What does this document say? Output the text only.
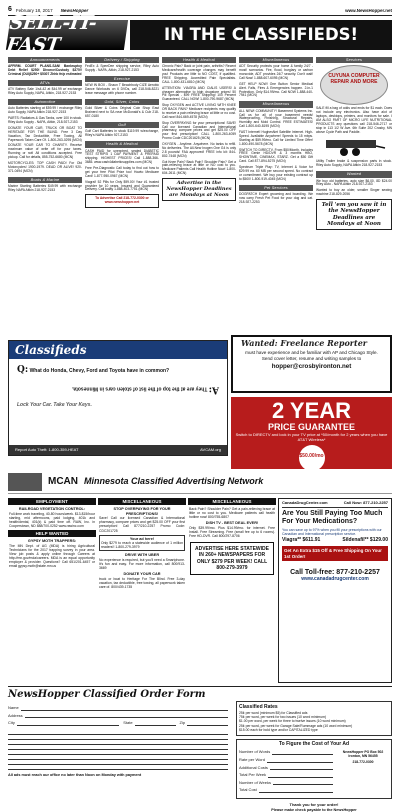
6 February 18, 2017 NewsHopper	www.NewsHopper.net
SELL-IT-FAST	IN THE CLASSIFIEDS!
Announcements
AFFIRM. COURT PLANS-SAN! Bankruptcy Debt Relief $250! Divorce/Custody $375!! Criminal (DUI)$250+ $5307 Zhhb fn/p estimated
ATVs
ATV Battery Sale 1/s4-42 at $44.99 w/ exchange Riley Auto Supply, NAPA, Aitkin, 218-927-2153
Automotive
Auto Batteries starting at $59.99 / exchange Riley Auto Supply, NAPA Aitkin 218-927-2153
PARTS: Radiators & Gas Tanks, over 100 in stock. Riley Auto Supply - NAPA, Aitkin, 218-927-2153
DONATE YOUR CAR, TRUCK OR BOAT TO HERITAGE FOR THE BLIND. Free 3 Day Vacation, Tax Deductible, Free Towing, All Paperwork Taken Care Of. 1-800-263-0295 (MCN)
DONATE YOUR CAR TO CHARITY. Receive maximum value of write off for your taxes. Running or not! All conditions accepted. Free pickup. Call for details, 855-752-6680 (MCN)
MOTORCYCLES: TOP CASH PAID! For Old Motorcycles! 1900-1979. DEAD OR ALIVE! 920-371-0494 (MCN)
Boats & Marine
Marine Starting Batteries $49.99 with exchange Riley NAPA Aitkin 218-927-2153
Delivery / Shipping
FedEx & SpeeDee shipping service, Riley Auto Supply - NAPA, Aitkin, 218-927-2153
Exercise
NEW IN BOX - Shaun T Beachbody CIZE Aerobic Dance Workouts on 6 DVDs, call 218-546-8221 leave message with phone number.
Gold, Silver, Coins
Gold Silver & Coins Original Coin Shop East Brainerd next to SA near McDonald's & Cub 218-657-0180
Golf
Golf Cart Batteries in stock $119.99 w/exchange, Riley's NAPA Aitkin 927-2153
Health & Medical
CASH PAID for unexpired, sealed DIABETIC TEST STRIPS! 1 DAY PAYMENT & PREPAID shipping. HIGHEST PRICES! Call 1-888-366-3685. www.cash4diabeticsupplies.com (MCN)
Free Pre-Diagnostic Call today to find out how to get your free Pilot Prize too! Howto Medicare Card! 1-877-950-0967 (MCN)
Viagra!! 52 Pills for Only $99.00! Your #1 trusted provider for 10 years. Insured and Guaranteed Delivery. Call today 1-888-403-7751 (MCN)
To Advertise Call 218-772-0300 or www.newshopper.net
Health & Medical
Chronic Pain? Back or joint pain, arthritis? Recent Medicare/health coverage changes may benefit you! Products are little to NO COST, if qualified. FREE Shipping. Accredited Pain Specialists. CALL 1-800-431-6810 (MCN)
ATTENTION: VIAGRA AND CIALIS USERS! A cheaper alternative to high drugstore prices! 50 Pill Special - $99 FREE Shipping! 100 Percent Guaranteed. CALL NOW! 1-800-790-9687 (MCN)
Stop OXYGEN and ACTIVE LIVING WITH KNEE OR BACK PAIN? Medicare recipients may qualify to receive a pain relieving brace at little or no cost. Call now! 844-669-4578 (MCN)
Stop OVERPAYING for your prescriptions! SAVE! Call our licensed Canadian and International pharmacy, compare prices and get $25.00 OFF your first prescription! CALL 1-800-263-4059 Promo Code CDC201625 (MCN)
OXYGEN - Anytime. Anywhere. No tanks to refill. No deliveries. The All-New Inogen One G4 is only 2.8 pounds! FAA approved! FREE info kit: 844-802-7448 (MCN)
Got Knee Pain? Back Pain? Shoulder Pain? Get a pain-relieving brace at little or NO cost to you. Medicare Patients Call Health Hotline Now! 1-800-604-2611 (MCN)
Advertise in the NewsHopper Deadlines are Mondays at Noon
Miscellaneous
ADT Security protects your home & family 24/7 - most! scenarios. Fire, flood, burglary or carbon monoxide, ADT provides 24/7 security. Don't wait! Call Now! 1-888-607-6095 (MCN)
GET HELP NOW! One Button Senior Medical Alert. Falls, Fires & Emergencies happen. 2-in-1 Protection. Only $14.99/mo. Call NOW 1-888-440-7941 (MCN)
Miscellaneous
ALL NEW! COMMUNITY! Basement Systems Inc. Call us for all of your basement needs! Waterproofing, Finishing, Structural Repairs, Humidity and Mold Control. FREE ESTIMATES! Call 1-800-640-8195 (MCN)
FAST Internet! HughesNet Satellite Internet. High-Speed. Available Anywhere! Speeds to 15 mbps. Starting at $59.99/mo. Call for Limited Time Offer! 1-800-490-5678 (MCN)
SWITCH TO DIRECTV. From $50/Month, includes FREE Genie HD/DVR & 3 months HBO, SHOWTIME, CINEMAX, STARZ. Get a $50 Gift Card. Call 877-894-5275 (MCN)
Spectrum Triple Play: TV, Internet & Voice for $29.99 ea. 60 MB per second speed. No contract or commitment. We buy your existing contract up to $500! 1-800-919-4045 (MCN)
Pet Services
DOGPATCH Expert grooming and boarding. We now carry Fresh Pet Food for your dog and cat. 218-927-2253
Services
CUYUNA COMPUTER REPAIR AND MORE
SALE fill a bag of odds and ends for $1 each. Does not include any electronics. Also have alot of laptops, desktops, printers, and monitors for sale. I AM ALSO PART OF MICRO LIFE NUTRITIONAL PRODUCTS any questions call 218-546-2717 or stop in 113 1/2 W Ave. 6th Suite 202 Crosby, MN above Cycle Path and Paddle.
Utility Trailer brake & suspension parts in stock. Riley Auto Supply, NAPA Aitkin 218-927-2153
Wanted
We buy old batteries. auto size $6.00, 8D $24.00 Riley Auto - NAPA Aitkin 218-927-2153
Wanted to buy an older, smaller Singer sewing machine 218-829-2056
Tell 'em you saw it in the NewsHopper Deadlines are Mondays at Noon
Classifieds
Q: What do Honda, Chevy, Ford and Toyota have in common?
A: They are at the top of the list of stolen cars in Minnesota.
Lock Your Car. Take Your Keys.
Report Auto Theft: 1-800-359-HEAT	AVCAM.org
Wanted: Freelance Reporter

must have experience and be familiar with AP and Chicago Style. Send cover letter, resume and writing samples to

hopper@crosbyironton.net
2 YEAR
PRICE GUARANTEE
Switch to DIRECTV and lock in your TV price at *50/month for 2 years when you have AT&T Wireless*
$50.00/mo
IVS 855-419-4050
MCAN Minnesota Classified Advertising Network
EMPLOYMENT
RAILROAD VEGETATION CONTROL:
Full-time work traveling, 40-80 hours/week. $13-$15/hour starting, mid afternoons, paid lodging, 401k and health/dental, 401(k) & paid time off. RAW, Inc. in Cooperstown, ND 888/700-0252 www.rawinc.com
HELP WANTED
GYPSY MOTH TRAPPERS:
The MN Dept. of AG (MDA) is hiring Agricultural Technicians for the 2017 trapping survey in your area. View job posts & apply online through Careers at http://mn.gov/mda/careers. MDA is an equal opportunity employer & provider. Questions? Call 651/201-6457 or email gypsy.moth@state.mn.us
MISCELLANEOUS
STOP OVERPAYING FOR YOUR PRESCRIPTIONS!
Save! Call our licensed Canadian & International pharmacy, compare prices and get $25.00 OFF your first prescription! Call 877/210-2257 Promo Code: CDC201725
Your ad here!
Only $279 to reach a statewide audience of 1 million readers!! 1-800-279-3979
DRIVE WITH UBER
No experience is required, but you'll need a Smartphone. It's fun and easy. For more information, call 800/913-3669
DONATE YOUR CAR
truck or boat to Heritage For The Blind. Free 3-day vacation, tax deductible, free towing, all paperwork taken care of. 800/439-1735
MISCELLANEOUS
Back Pain? Shoulder Pain? Get a pain-relieving brace at little or no cost to you. Medicare patients call health hotline now! 800/755-6807
DISH TV - BEST DEAL EVER!
Only $39.99/mo. Plus $14.99/mo. for internet. Free Install. Free Streaming. Free (small fee up to 6 rooms). Free HD-DVR. Call 800/297-8706
ADVERTISE HERE STATEWIDE IN 260+ NEWSPAPERS FOR ONLY $279 PER WEEK! CALL 800-279-3979
CanadaDrugCenter.com	Call Now: 877-210-2257
Are You Still Paying Too Much For Your Medications?
You can save up to 97% when you fill your prescriptions with our Canadian and International prescription service.
Viagra** $611.91	Sildenafil** $129.00
Get An Extra $15 Off & Free Shipping On Your 1st Order!
Call Toll-free: 877-210-2257
www.canadadrugcenter.com
NewsHopper Classified Order Form
Name
Address
City	State	Zip
All ads must reach our office no later than Noon on Monday with payment
Classified Rates
25¢ per word (minimum $5) for Classified ads
75¢ per word, per week for two issues (10 word minimum)
$1.00 per word, per week for three to twelve issues (10 word minimum)
25¢ per word, per week for Garage Sale/Rummage ads (10 word minimum)
$15.00 each for bold type and/or CAPITALIZED type
To Figure the Cost of Your Ad
Number of Words
Rate per Word
Additional Costs
Total Per Week
Number of Weeks
Total Cost
NewsHopper PO Box 502 Ironton, MN 56455
218-772-0300
Thank you for your order!
Please make check payable to the NewsHopper
